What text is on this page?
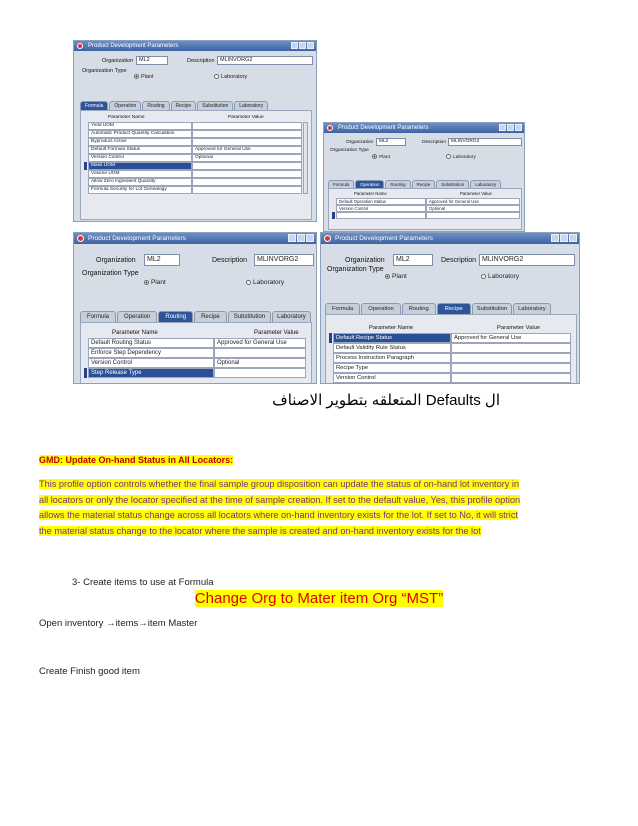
Product Development Parameters
Organization	ML2	Description MLINVORG2
Organization Type
Plant	Laboratory
Formula	Operation	Routing	Recipe	Substitution	Laboratory
Parameter Name	Parameter Value
Yield UOM
Automatic Product Quantity Calculation
Byproduct Active
Default Formula Status	Approved for General Use
Version Control	Optional
Mass UOM
Volume UOM
Allow Zero Ingredient Quantity
Formula Security for Lot Genealogy
Product Development Parameters
Organization	ML2	Description	MLINVORG2
Organization Type
Plant	Laboratory
Formula	Operation	Routing	Recipe	Substitution	Laboratory
Parameter Name	Parameter Value
Default Operation Status	Approved for General Use
Version Control	Optional
Product Development Parameters
Organization	ML2	Description	MLINVORG2
Organization Type
Plant	Laboratory
Formula	Operation	Routing	Recipe	Substitution	Laboratory
Parameter Name	Parameter Value
Default Routing Status	Approved for General Use
Enforce Step Dependency
Version Control	Optional
Step Release Type
Product Development Parameters
Organization	ML2	Description MLINVORG2
Organization Type
Plant	Laboratory
Formula	Operation	Routing	Recipe	Substitution	Laboratory
Parameter Name	Parameter Value
Default Recipe Status	Approved for General Use
Default Validity Rule Status
Process Instruction Paragraph
Recipe Type
Version Control
ال Defaults المتعلقه بتطوير الاصناف
GMD: Update On-hand Status in All Locators:
This profile option controls whether the final sample group disposition can update the status of on-hand lot inventory in
all locators or only the locator specified at the time of sample creation. If set to the default value, Yes, this profile option
allows the material status change across all locators where on-hand inventory exists for the lot. If set to No, it will strict
the material status change to the locator where the sample is created and on-hand inventory exists for the lot
3- Create items to use at Formula
Change Org to Mater item Org “MST”
Open inventory →items→item Master
Create Finish good item
